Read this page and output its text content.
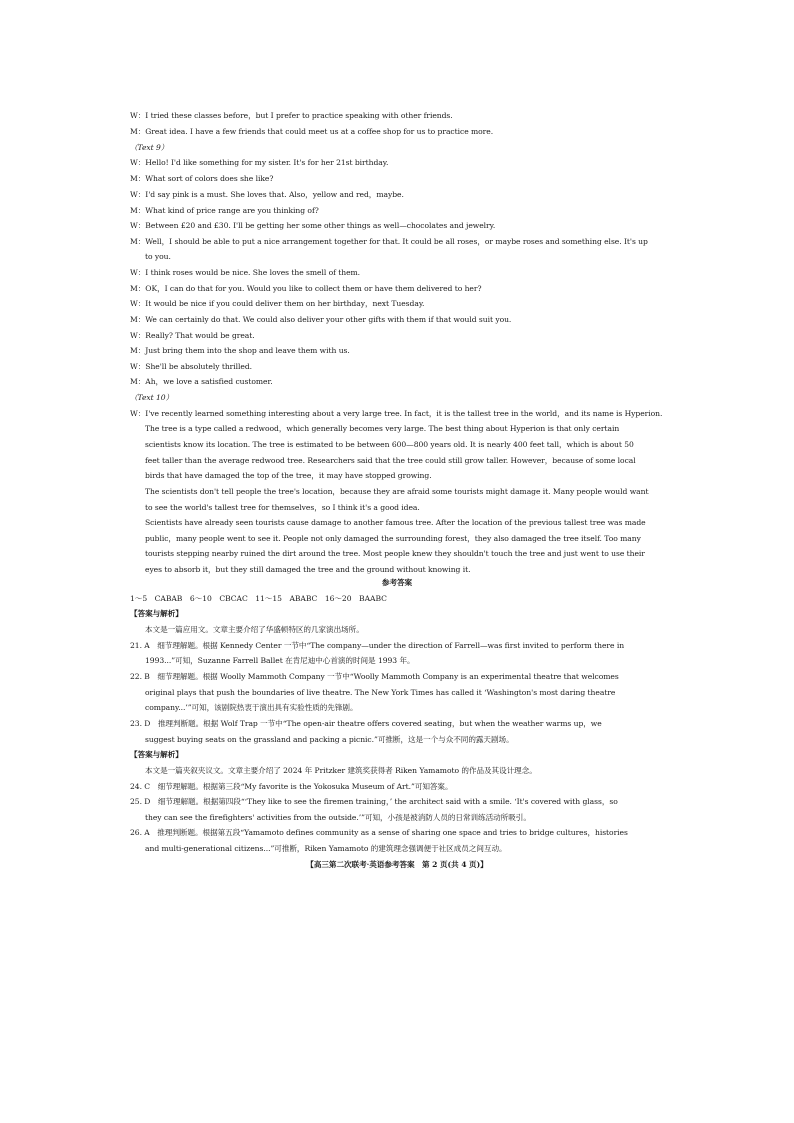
W：I tried these classes before，but I prefer to practice speaking with other friends.
M：Great idea. I have a few friends that could meet us at a coffee shop for us to practice more.
（Text 9）
W：Hello! I'd like something for my sister. It's for her 21st birthday.
M：What sort of colors does she like?
W：I'd say pink is a must. She loves that. Also，yellow and red，maybe.
M：What kind of price range are you thinking of?
W：Between £20 and £30. I'll be getting her some other things as well—chocolates and jewelry.
M：Well，I should be able to put a nice arrangement together for that. It could be all roses，or maybe roses and something else. It's up
to you.
W：I think roses would be nice. She loves the smell of them.
M：OK，I can do that for you. Would you like to collect them or have them delivered to her?
W：It would be nice if you could deliver them on her birthday，next Tuesday.
M：We can certainly do that. We could also deliver your other gifts with them if that would suit you.
W：Really? That would be great.
M：Just bring them into the shop and leave them with us.
W：She'll be absolutely thrilled.
M：Ah，we love a satisfied customer.
（Text 10）
W：I've recently learned something interesting about a very large tree. In fact，it is the tallest tree in the world，and its name is Hyperion.
The tree is a type called a redwood，which generally becomes very large. The best thing about Hyperion is that only certain
scientists know its location. The tree is estimated to be between 600—800 years old. It is nearly 400 feet tall，which is about 50
feet taller than the average redwood tree. Researchers said that the tree could still grow taller. However，because of some local
birds that have damaged the top of the tree，it may have stopped growing.
The scientists don't tell people the tree's location，because they are afraid some tourists might damage it. Many people would want
to see the world's tallest tree for themselves，so I think it's a good idea.
Scientists have already seen tourists cause damage to another famous tree. After the location of the previous tallest tree was made
public，many people went to see it. People not only damaged the surrounding forest，they also damaged the tree itself. Too many
tourists stepping nearby ruined the dirt around the tree. Most people knew they shouldn't touch the tree and just went to use their
eyes to absorb it，but they still damaged the tree and the ground without knowing it.
参考答案
1～5　CABAB　6～10　CBCAC　11～15　ABABC　16～20　BAABC
【答案与解析】
本文是一篇应用文。文章主要介绍了华盛顿特区的几家演出场所。
21. A　细节理解题。根据 Kennedy Center 一节中“The company—under the direction of Farrell—was first invited to perform there in
1993...”可知，Suzanne Farrell Ballet 在肯尼迪中心首演的时间是 1993 年。
22. B　细节理解题。根据 Woolly Mammoth Company 一节中“Woolly Mammoth Company is an experimental theatre that welcomes
original plays that push the boundaries of live theatre. The New York Times has called it ‘Washington's most daring theatre
company...’”可知，该剧院热衷于演出具有实验性质的先锋剧。
23. D　推理判断题。根据 Wolf Trap 一节中“The open-air theatre offers covered seating，but when the weather warms up，we
suggest buying seats on the grassland and packing a picnic.”可推断，这是一个与众不同的露天剧场。
【答案与解析】
本文是一篇夹叙夹议文。文章主要介绍了 2024 年 Pritzker 建筑奖获得者 Riken Yamamoto 的作品及其设计理念。
24. C　细节理解题。根据第三段“My favorite is the Yokosuka Museum of Art.”可知答案。
25. D　细节理解题。根据第四段“‘They like to see the firemen training，’ the architect said with a smile. ‘It's covered with glass，so
they can see the firefighters' activities from the outside.’”可知，小孩是被消防人员的日常训练活动所吸引。
26. A　推理判断题。根据第五段“Yamamoto defines community as a sense of sharing one space and tries to bridge cultures，histories
and multi-generational citizens...”可推断，Riken Yamamoto 的建筑理念强调便于社区成员之间互动。
【高三第二次联考·英语参考答案　第 2 页(共 4 页)】
